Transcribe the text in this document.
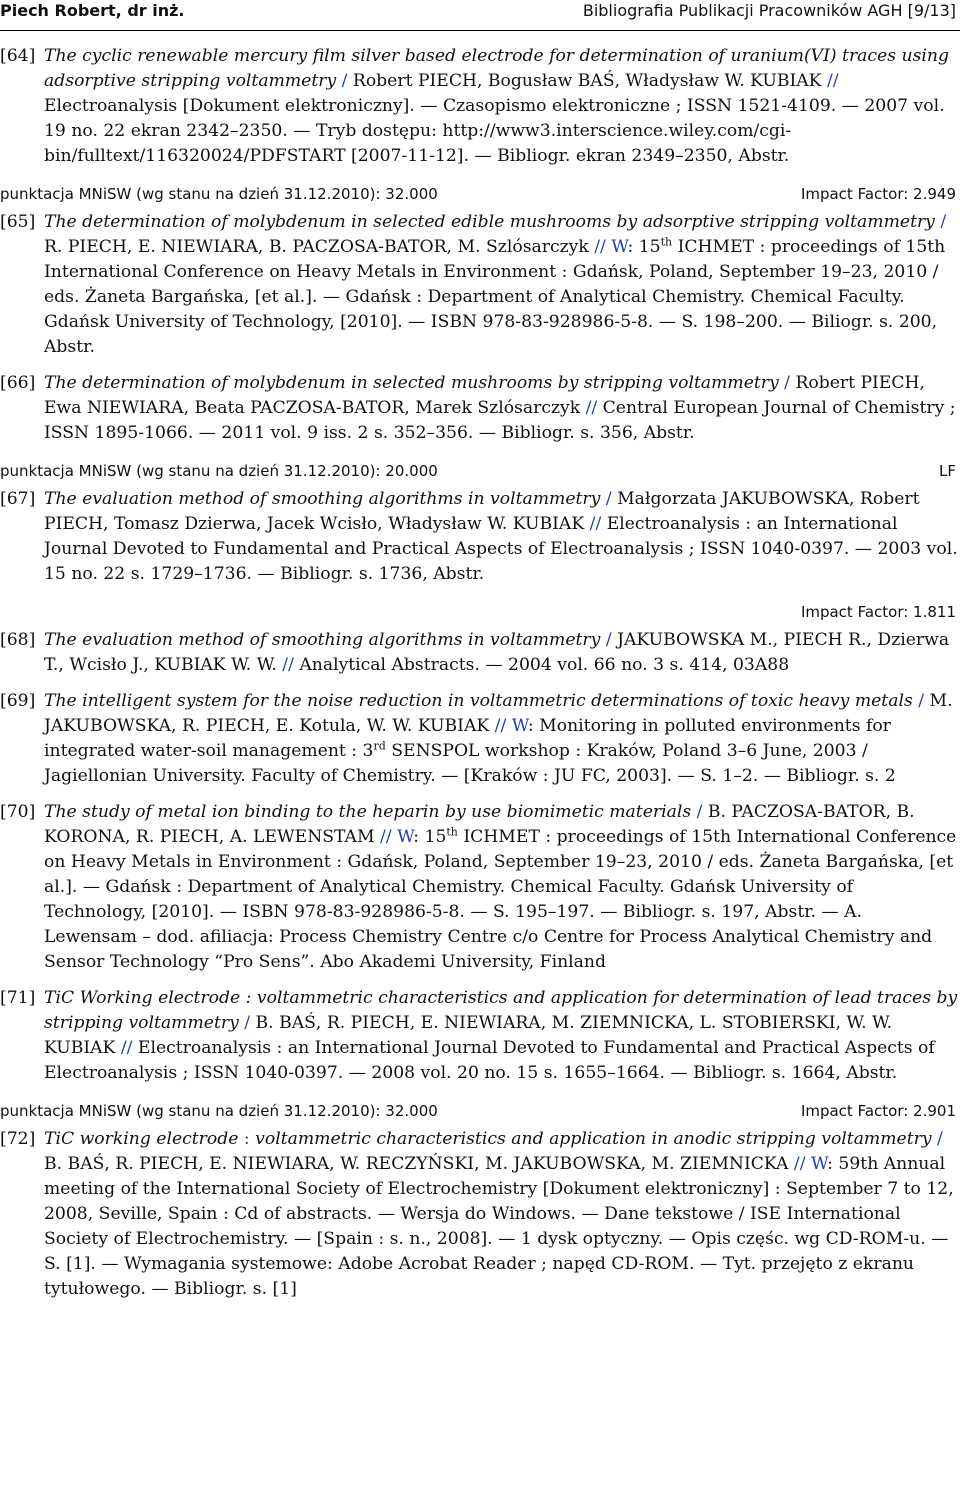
Piech Robert, dr inż.	Bibliografia Publikacji Pracowników AGH [9/13]
[64] The cyclic renewable mercury film silver based electrode for determination of uranium(VI) traces using adsorptive stripping voltammetry / Robert PIECH, Bogusław BAŚ, Władysław W. KUBIAK // Electroanalysis [Dokument elektroniczny]. — Czasopismo elektroniczne ; ISSN 1521-4109. — 2007 vol. 19 no. 22 ekran 2342–2350. — Tryb dostępu: http://www3.interscience.wiley.com/cgi-bin/fulltext/116320024/PDFSTART [2007-11-12]. — Bibliogr. ekran 2349–2350, Abstr.
punktacja MNiSW (wg stanu na dzień 31.12.2010): 32.000	Impact Factor: 2.949
[65] The determination of molybdenum in selected edible mushrooms by adsorptive stripping voltammetry / R. PIECH, E. NIEWIARA, B. PACZOSA-BATOR, M. Szlósarczyk // W: 15th ICHMET : proceedings of 15th International Conference on Heavy Metals in Environment : Gdańsk, Poland, September 19–23, 2010 / eds. Żaneta Bargańska, [et al.]. — Gdańsk : Department of Analytical Chemistry. Chemical Faculty. Gdańsk University of Technology, [2010]. — ISBN 978-83-928986-5-8. — S. 198–200. — Biliogr. s. 200, Abstr.
[66] The determination of molybdenum in selected mushrooms by stripping voltammetry / Robert PIECH, Ewa NIEWIARA, Beata PACZOSA-BATOR, Marek Szlósarczyk // Central European Journal of Chemistry ; ISSN 1895-1066. — 2011 vol. 9 iss. 2 s. 352–356. — Bibliogr. s. 356, Abstr.
punktacja MNiSW (wg stanu na dzień 31.12.2010): 20.000	LF
[67] The evaluation method of smoothing algorithms in voltammetry / Małgorzata JAKUBOWSKA, Robert PIECH, Tomasz Dzierwa, Jacek Wcisło, Władysław W. KUBIAK // Electroanalysis : an International Journal Devoted to Fundamental and Practical Aspects of Electroanalysis ; ISSN 1040-0397. — 2003 vol. 15 no. 22 s. 1729–1736. — Bibliogr. s. 1736, Abstr.
Impact Factor: 1.811
[68] The evaluation method of smoothing algorithms in voltammetry / JAKUBOWSKA M., PIECH R., Dzierwa T., Wcisło J., KUBIAK W. W. // Analytical Abstracts. — 2004 vol. 66 no. 3 s. 414, 03A88
[69] The intelligent system for the noise reduction in voltammetric determinations of toxic heavy metals / M. JAKUBOWSKA, R. PIECH, E. Kotula, W. W. KUBIAK // W: Monitoring in polluted environments for integrated water-soil management : 3rd SENSPOL workshop : Kraków, Poland 3–6 June, 2003 / Jagiellonian University. Faculty of Chemistry. — [Kraków : JU FC, 2003]. — S. 1–2. — Bibliogr. s. 2
[70] The study of metal ion binding to the heparin by use biomimetic materials / B. PACZOSA-BATOR, B. KORONA, R. PIECH, A. LEWENSTAM // W: 15th ICHMET : proceedings of 15th International Conference on Heavy Metals in Environment : Gdańsk, Poland, September 19–23, 2010 / eds. Żaneta Bargańska, [et al.]. — Gdańsk : Department of Analytical Chemistry. Chemical Faculty. Gdańsk University of Technology, [2010]. — ISBN 978-83-928986-5-8. — S. 195–197. — Bibliogr. s. 197, Abstr. — A. Lewensam – dod. afiliacja: Process Chemistry Centre c/o Centre for Process Analytical Chemistry and Sensor Technology “Pro Sens”. Abo Akademi University, Finland
[71] TiC Working electrode : voltammetric characteristics and application for determination of lead traces by stripping voltammetry / B. BAŚ, R. PIECH, E. NIEWIARA, M. ZIEMNICKA, L. STOBIERSKI, W. W. KUBIAK // Electroanalysis : an International Journal Devoted to Fundamental and Practical Aspects of Electroanalysis ; ISSN 1040-0397. — 2008 vol. 20 no. 15 s. 1655–1664. — Bibliogr. s. 1664, Abstr.
punktacja MNiSW (wg stanu na dzień 31.12.2010): 32.000	Impact Factor: 2.901
[72] TiC working electrode : voltammetric characteristics and application in anodic stripping voltammetry / B. BAŚ, R. PIECH, E. NIEWIARA, W. RECZYŃSKI, M. JAKUBOWSKA, M. ZIEMNICKA // W: 59th Annual meeting of the International Society of Electrochemistry [Dokument elektroniczny] : September 7 to 12, 2008, Seville, Spain : Cd of abstracts. — Wersja do Windows. — Dane tekstowe / ISE International Society of Electrochemistry. — [Spain : s. n., 2008]. — 1 dysk optyczny. — Opis częśc. wg CD-ROM-u. — S. [1]. — Wymagania systemowe: Adobe Acrobat Reader ; napęd CD-ROM. — Tyt. przejęto z ekranu tytułowego. — Bibliogr. s. [1]
